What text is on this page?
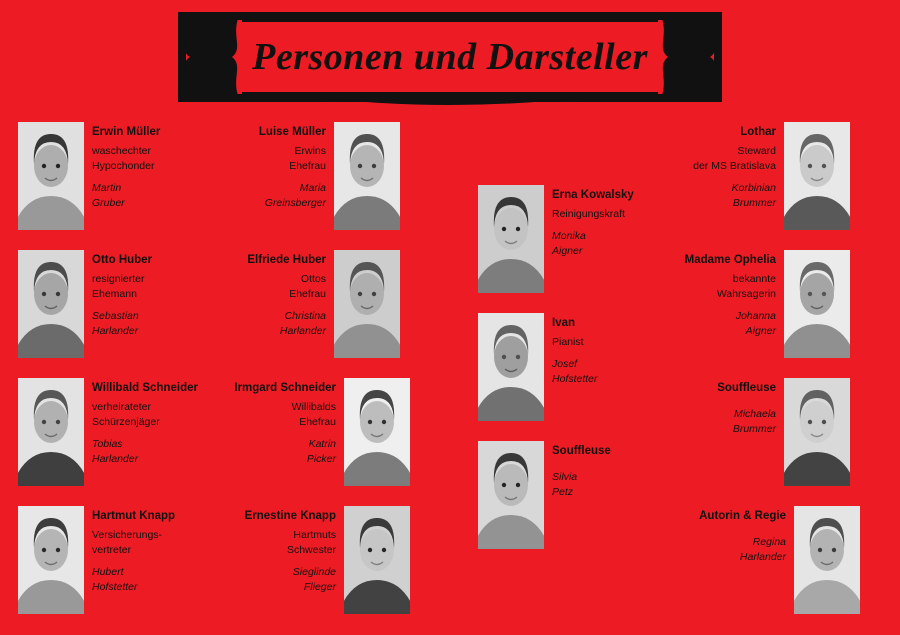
Personen und Darsteller
Erwin Müller
waschechter
Hypochonder
Martin
Gruber
Luise Müller
Erwins
Ehefrau
Maria
Greinsberger
Otto Huber
resignierter
Ehemann
Sebastian
Harlander
Elfriede Huber
Ottos
Ehefrau
Christina
Harlander
Willibald Schneider
verheirateter
Schürzenjäger
Tobias
Harlander
Irmgard Schneider
Willibalds
Ehefrau
Katrin
Picker
Hartmut Knapp
Versicherungs-
vertreter
Hubert
Hofstetter
Ernestine Knapp
Hartmuts
Schwester
Sieglinde
Flieger
Erna Kowalsky
Reinigungskraft
Monika
Aigner
Ivan
Pianist
Josef
Hofstetter
Souffleuse
Silvia
Petz
Lothar
Steward
der MS Bratislava
Korbinian
Brummer
Madame Ophelia
bekannte
Wahrsagerin
Johanna
Aigner
Souffleuse
Michaela
Brummer
Autorin & Regie
Regina
Harlander
